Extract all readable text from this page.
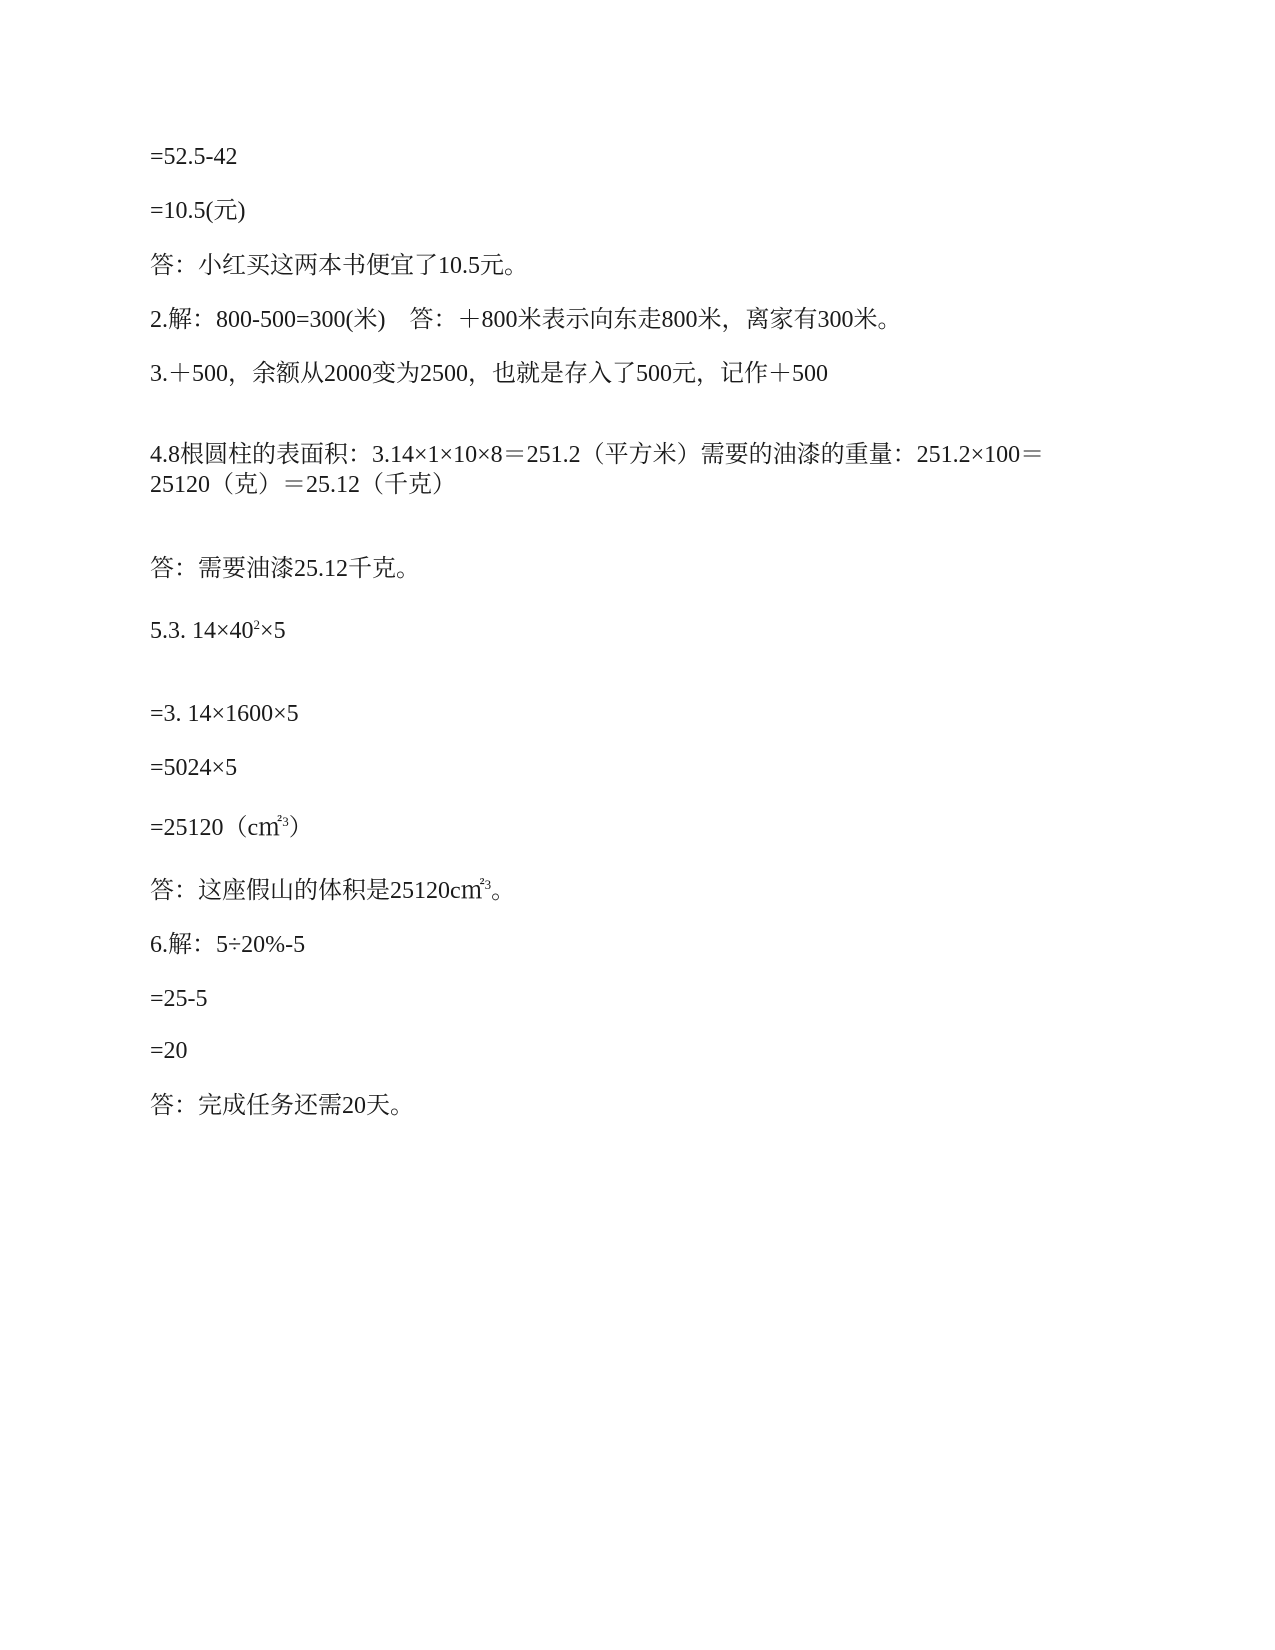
=52.5-42
=10.5(元)
答：小红买这两本书便宜了10.5元。
2.解：800-500=300(米)　答：＋800米表示向东走800米，离家有300米。
3.＋500，余额从2000变为2500，也就是存入了500元，记作＋500
4.8根圆柱的表面积：3.14×1×10×8＝251.2（平方米）需要的油漆的重量：251.2×100＝
25120（克）＝25.12（千克）
答：需要油漆25.12千克。
5.3. $14\times 40^2\times 5$
=3. 14×1600×5
=5024×5
=25120（c㎡$^3$）
答：这座假山的体积是25120c㎡$^3$。
6.解：5÷20%-5
=25-5
=20
答：完成任务还需20天。
